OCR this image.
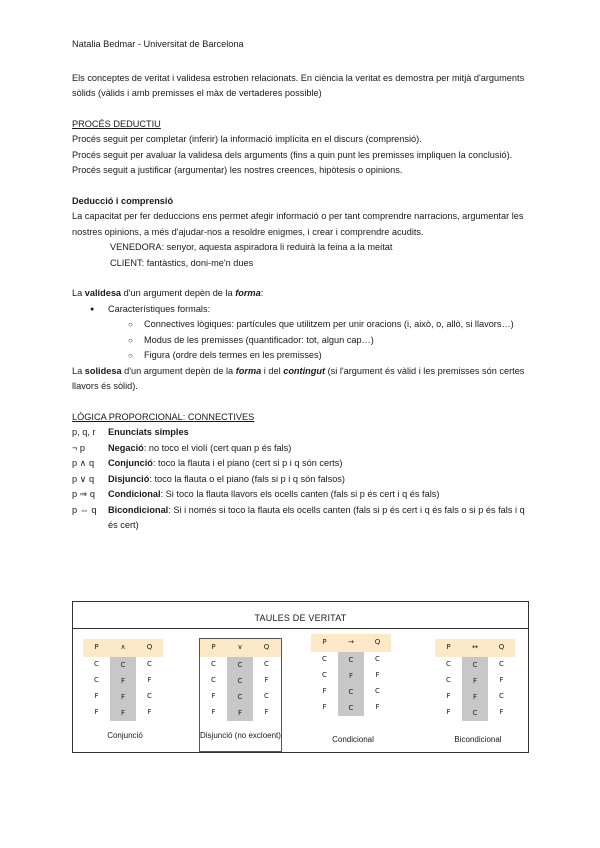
Natalia Bedmar - Universitat de Barcelona
Els conceptes de veritat i validesa estroben relacionats. En ciència la veritat es demostra per mitjà d'arguments sòlids (vàlids i amb premisses el màx de vertaderes possible)
PROCÉS DEDUCTIU
Procés seguit per completar (inferir) la informació implícita en el discurs (comprensió).
Procés seguit per avaluar la validesa dels arguments (fins a quin punt les premisses impliquen la conclusió).
Procés seguit a justificar (argumentar) les nostres creences, hipòtesis o opinions.
Deducció i comprensió
La capacitat per fer deduccions ens permet afegir informació o per tant comprendre narracions, argumentar les nostres opinions, a més d'ajudar-nos a resoldre enigmes, i crear i comprendre acudits.
VENEDORA: senyor, aquesta aspiradora li reduirà la feina a la meitat
CLIENT: fantàstics, doni-me'n dues
La validesa d'un argument depèn de la forma:
● Característiques formals:
○ Connectives lògiques: partícules que utilitzem per unir oracions (i, això, o, allò, si llavors…)
○ Modus de les premisses (quantificador: tot, algun cap…)
○ Figura (ordre dels termes en les premisses)
La solidesa d'un argument depèn de la forma i del contingut (si l'argument és vàlid i les premisses són certes llavors és sòlid).
LÒGICA PROPORCIONAL: CONNECTIVES
p, q, r	Enunciats simples
¬ p	Negació: no toco el violí (cert quan p és fals)
p ∧ q	Conjunció: toco la flauta i el piano (cert si p i q són certs)
p ∨ q	Disjunció: toco la flauta o el piano (fals si p i q són falsos)
p ⇒ q	Condicional: Si toco la flauta llavors els ocells canten (fals si p és cert i q és fals)
p ⇔ q	Bicondicional: Si i només si toco la flauta els ocells canten (fals si p és cert i q és fals o si p és fals i q és cert)
TAULES DE VERITAT
P	∧	Q
C	C	C
C	F	F
F	F	C
F	F	F
Conjunció
P	∨	Q
C	C	C
C	C	F
F	C	C
F	F	F
Disjunció (no excloent)
P	→	Q
C	C	C
C	F	F
F	C	C
F	C	F
Condicional
P	↔	Q
C	C	C
C	F	F
F	F	C
F	C	F
Bicondicional
